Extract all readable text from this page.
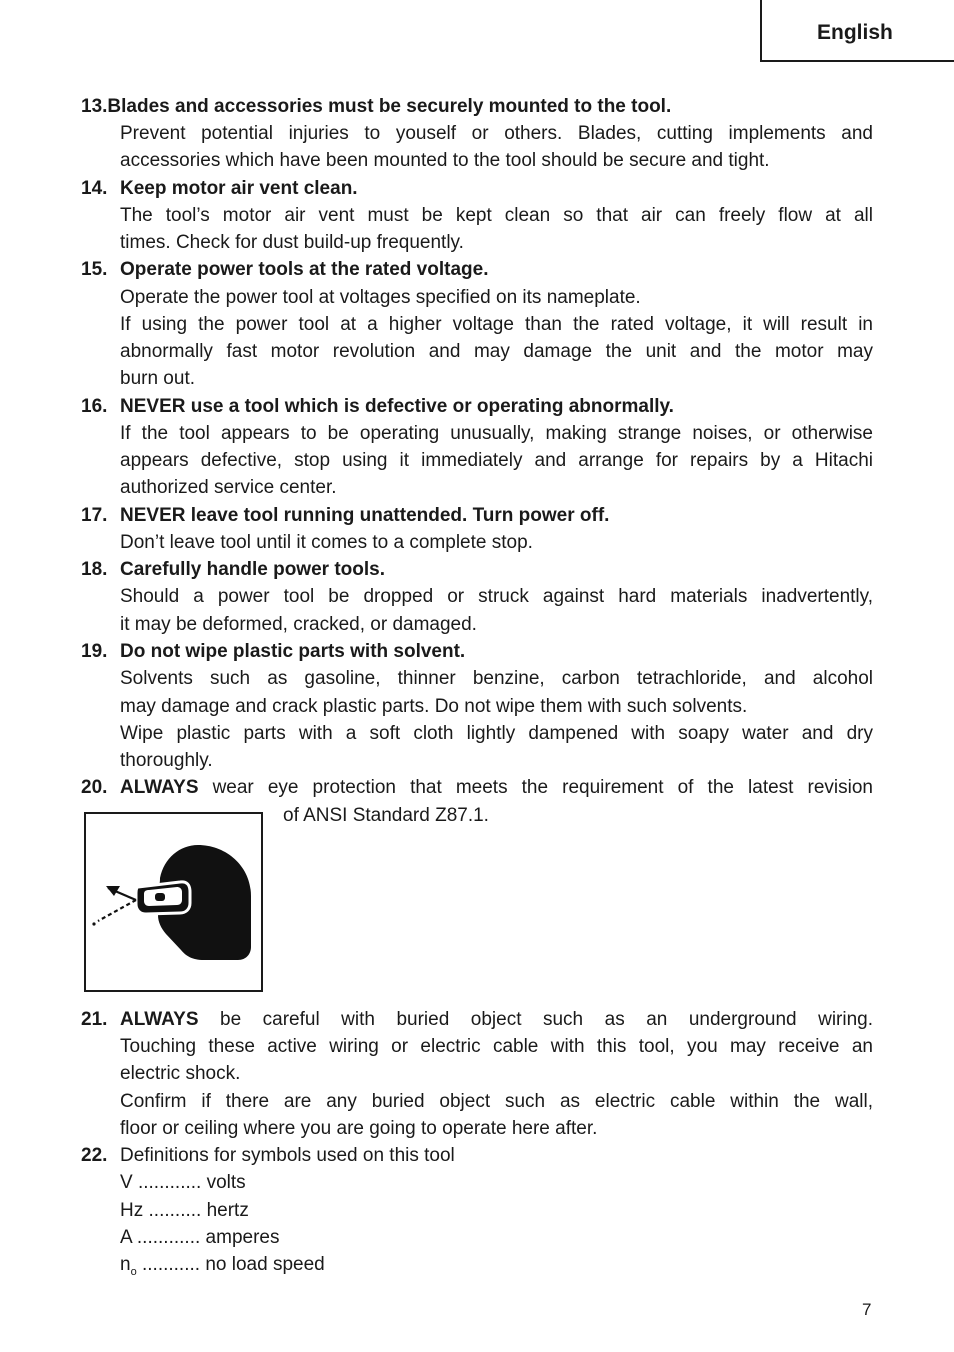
English
13.Blades and accessories must be securely mounted to the tool.
Prevent potential injuries to youself or others. Blades, cutting implements and
accessories which have been mounted to the tool should be secure and tight.
14. Keep motor air vent clean.
The tool’s motor air vent must be kept clean so that air can freely flow at all
times. Check for dust build-up frequently.
15. Operate power tools at the rated voltage.
Operate the power tool at voltages specified on its nameplate.
If using the power tool at a higher voltage than the rated voltage, it will result in
abnormally fast motor revolution and may damage the unit and the motor may
burn out.
16. NEVER use a tool which is defective or operating abnormally.
If the tool appears to be operating unusually, making strange noises, or otherwise
appears defective, stop using it immediately and arrange for repairs by a Hitachi
authorized service center.
17. NEVER leave tool running unattended. Turn power off.
Don’t leave tool until it comes to a complete stop.
18. Carefully handle power tools.
Should a power tool be dropped or struck against hard materials inadvertently,
it may be deformed, cracked, or damaged.
19. Do not wipe plastic parts with solvent.
Solvents such as gasoline, thinner benzine, carbon tetrachloride, and alcohol
may damage and crack plastic parts. Do not wipe them with such solvents.
Wipe plastic parts with a soft cloth lightly dampened with soapy water and dry
thoroughly.
20. ALWAYS wear eye protection that meets the requirement of the latest revision
of ANSI Standard Z87.1.
21. ALWAYS be careful with buried object such as an underground wiring.
Touching these active wiring or electric cable with this tool, you may receive an
electric shock.
Confirm if there are any buried object such as electric cable within the wall,
floor or ceiling where you are going to operate here after.
22. Definitions for symbols used on this tool
V ............ volts
Hz .......... hertz
A ............ amperes
$n_o$ ........... no load speed
7
